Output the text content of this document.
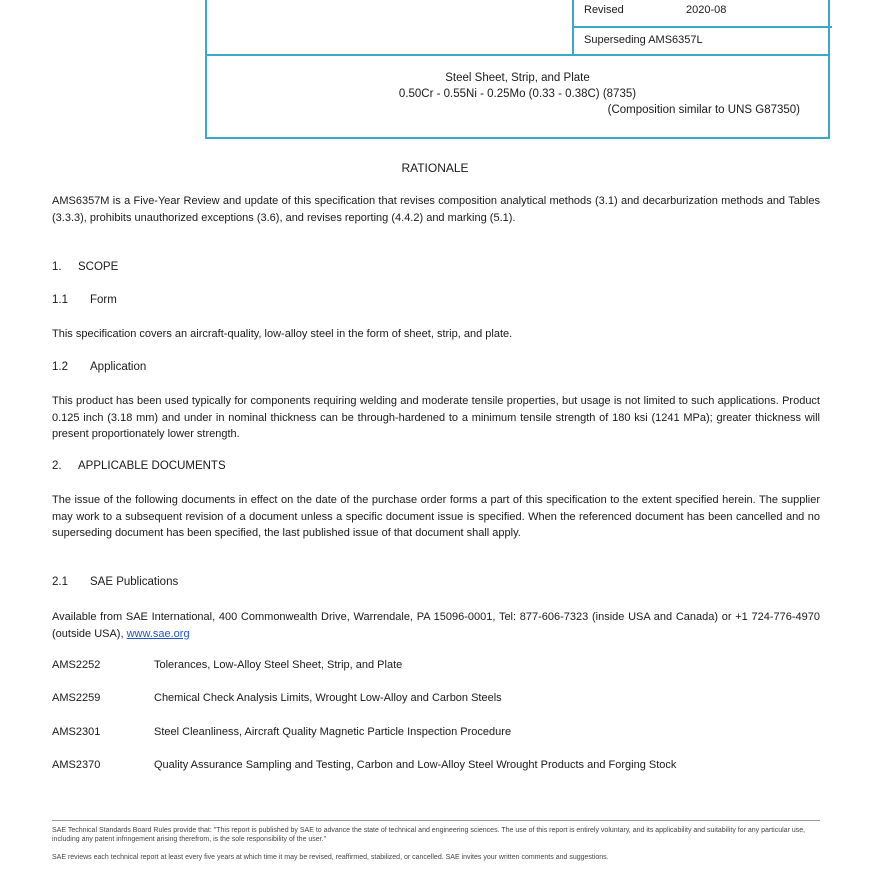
Revised	2020-08
Superseding AMS6357L
Steel Sheet, Strip, and Plate
0.50Cr - 0.55Ni - 0.25Mo (0.33 - 0.38C) (8735)
(Composition similar to UNS G87350)
RATIONALE
AMS6357M is a Five-Year Review and update of this specification that revises composition analytical methods (3.1) and decarburization methods and Tables (3.3.3), prohibits unauthorized exceptions (3.6), and revises reporting (4.4.2) and marking (5.1).
1. SCOPE
1.1 Form
This specification covers an aircraft-quality, low-alloy steel in the form of sheet, strip, and plate.
1.2 Application
This product has been used typically for components requiring welding and moderate tensile properties, but usage is not limited to such applications. Product 0.125 inch (3.18 mm) and under in nominal thickness can be through-hardened to a minimum tensile strength of 180 ksi (1241 MPa); greater thickness will present proportionately lower strength.
2. APPLICABLE DOCUMENTS
The issue of the following documents in effect on the date of the purchase order forms a part of this specification to the extent specified herein. The supplier may work to a subsequent revision of a document unless a specific document issue is specified. When the referenced document has been cancelled and no superseding document has been specified, the last published issue of that document shall apply.
2.1 SAE Publications
Available from SAE International, 400 Commonwealth Drive, Warrendale, PA 15096-0001, Tel: 877-606-7323 (inside USA and Canada) or +1 724-776-4970 (outside USA), www.sae.org
AMS2252	Tolerances, Low-Alloy Steel Sheet, Strip, and Plate
AMS2259	Chemical Check Analysis Limits, Wrought Low-Alloy and Carbon Steels
AMS2301	Steel Cleanliness, Aircraft Quality Magnetic Particle Inspection Procedure
AMS2370	Quality Assurance Sampling and Testing, Carbon and Low-Alloy Steel Wrought Products and Forging Stock
SAE Technical Standards Board Rules provide that: "This report is published by SAE to advance the state of technical and engineering sciences. The use of this report is entirely voluntary, and its applicability and suitability for any particular use, including any patent infringement arising therefrom, is the sole responsibility of the user."
SAE reviews each technical report at least every five years at which time it may be revised, reaffirmed, stabilized, or cancelled. SAE invites your written comments and suggestions.
